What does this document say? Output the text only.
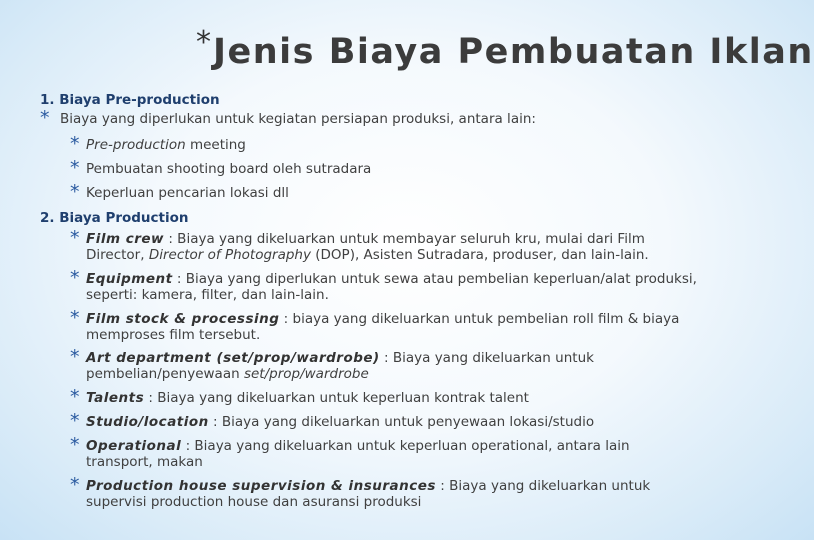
*Jenis Biaya Pembuatan Iklan
1. Biaya Pre-production
* Biaya yang diperlukan untuk kegiatan persiapan produksi, antara lain:
* Pre-production meeting
* Pembuatan shooting board oleh sutradara
* Keperluan pencarian lokasi dll
2. Biaya Production
* Film crew : Biaya yang dikeluarkan untuk membayar seluruh kru, mulai dari Film Director, Director of Photography (DOP), Asisten Sutradara, produser, dan lain-lain.
* Equipment : Biaya yang diperlukan untuk sewa atau pembelian keperluan/alat produksi, seperti: kamera, filter, dan lain-lain.
* Film stock & processing : biaya yang dikeluarkan untuk pembelian roll film & biaya memproses film tersebut.
* Art department (set/prop/wardrobe) : Biaya yang dikeluarkan untuk pembelian/penyewaan set/prop/wardrobe
* Talents : Biaya yang dikeluarkan untuk keperluan kontrak talent
* Studio/location : Biaya yang dikeluarkan untuk penyewaan lokasi/studio
* Operational : Biaya yang dikeluarkan untuk keperluan operational, antara lain transport, makan
* Production house supervision & insurances : Biaya yang dikeluarkan untuk supervisi production house dan asuransi produksi
